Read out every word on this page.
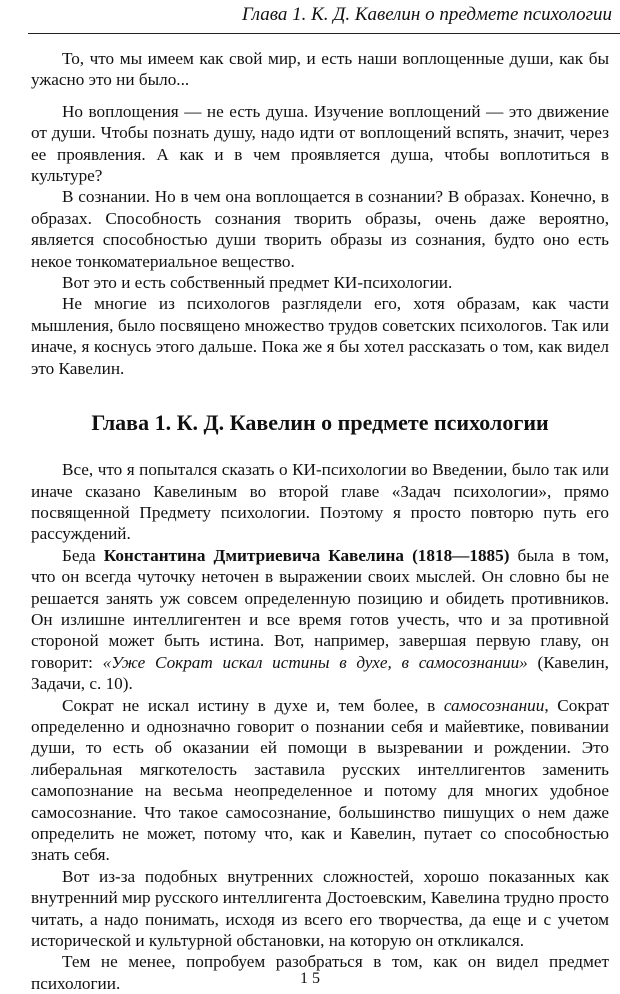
Глава 1. К. Д. Кавелин о предмете психологии

То, что мы имеем как свой мир, и есть наши воплощенные души, как бы ужасно это ни было...

Но воплощения — не есть душа. Изучение воплощений — это движение от души. Чтобы познать душу, надо идти от воплощений вспять, значит, через ее проявления. А как и в чем проявляется душа, чтобы воплотиться в культуре?

В сознании. Но в чем она воплощается в сознании? В образах. Конечно, в образах. Способность сознания творить образы, очень даже вероятно, является способностью души творить образы из сознания, будто оно есть некое тонкоматериальное вещество.

Вот это и есть собственный предмет КИ-психологии.

Не многие из психологов разглядели его, хотя образам, как части мышления, было посвящено множество трудов советских психологов. Так или иначе, я коснусь этого дальше. Пока же я бы хотел рассказать о том, как видел это Кавелин.

Глава 1. К. Д. Кавелин о предмете психологии

Все, что я попытался сказать о КИ-психологии во Введении, было так или иначе сказано Кавелиным во второй главе «Задач психологии», прямо посвященной Предмету психологии. Поэтому я просто повторю путь его рассуждений.

Беда Константина Дмитриевича Кавелина (1818—1885) была в том, что он всегда чуточку неточен в выражении своих мыслей. Он словно бы не решается занять уж совсем определенную позицию и обидеть противников. Он излишне интеллигентен и все время готов учесть, что и за противной стороной может быть истина. Вот, например, завершая первую главу, он говорит: «Уже Сократ искал истины в духе, в самосознании» (Кавелин, Задачи, с. 10).

Сократ не искал истину в духе и, тем более, в самосознании, Сократ определенно и однозначно говорит о познании себя и майевтике, повивании души, то есть об оказании ей помощи в вызревании и рождении. Это либеральная мягкотелость заставила русских интеллигентов заменить самопознание на весьма неопределенное и потому для многих удобное самосознание. Что такое самосознание, большинство пишущих о нем даже определить не может, потому что, как и Кавелин, путает со способностью знать себя.

Вот из-за подобных внутренних сложностей, хорошо показанных как внутренний мир русского интеллигента Достоевским, Кавелина трудно просто читать, а надо понимать, исходя из всего его творчества, да еще и с учетом исторической и культурной обстановки, на которую он откликался.

Тем не менее, попробуем разобраться в том, как он видел предмет психологии.	1 5
